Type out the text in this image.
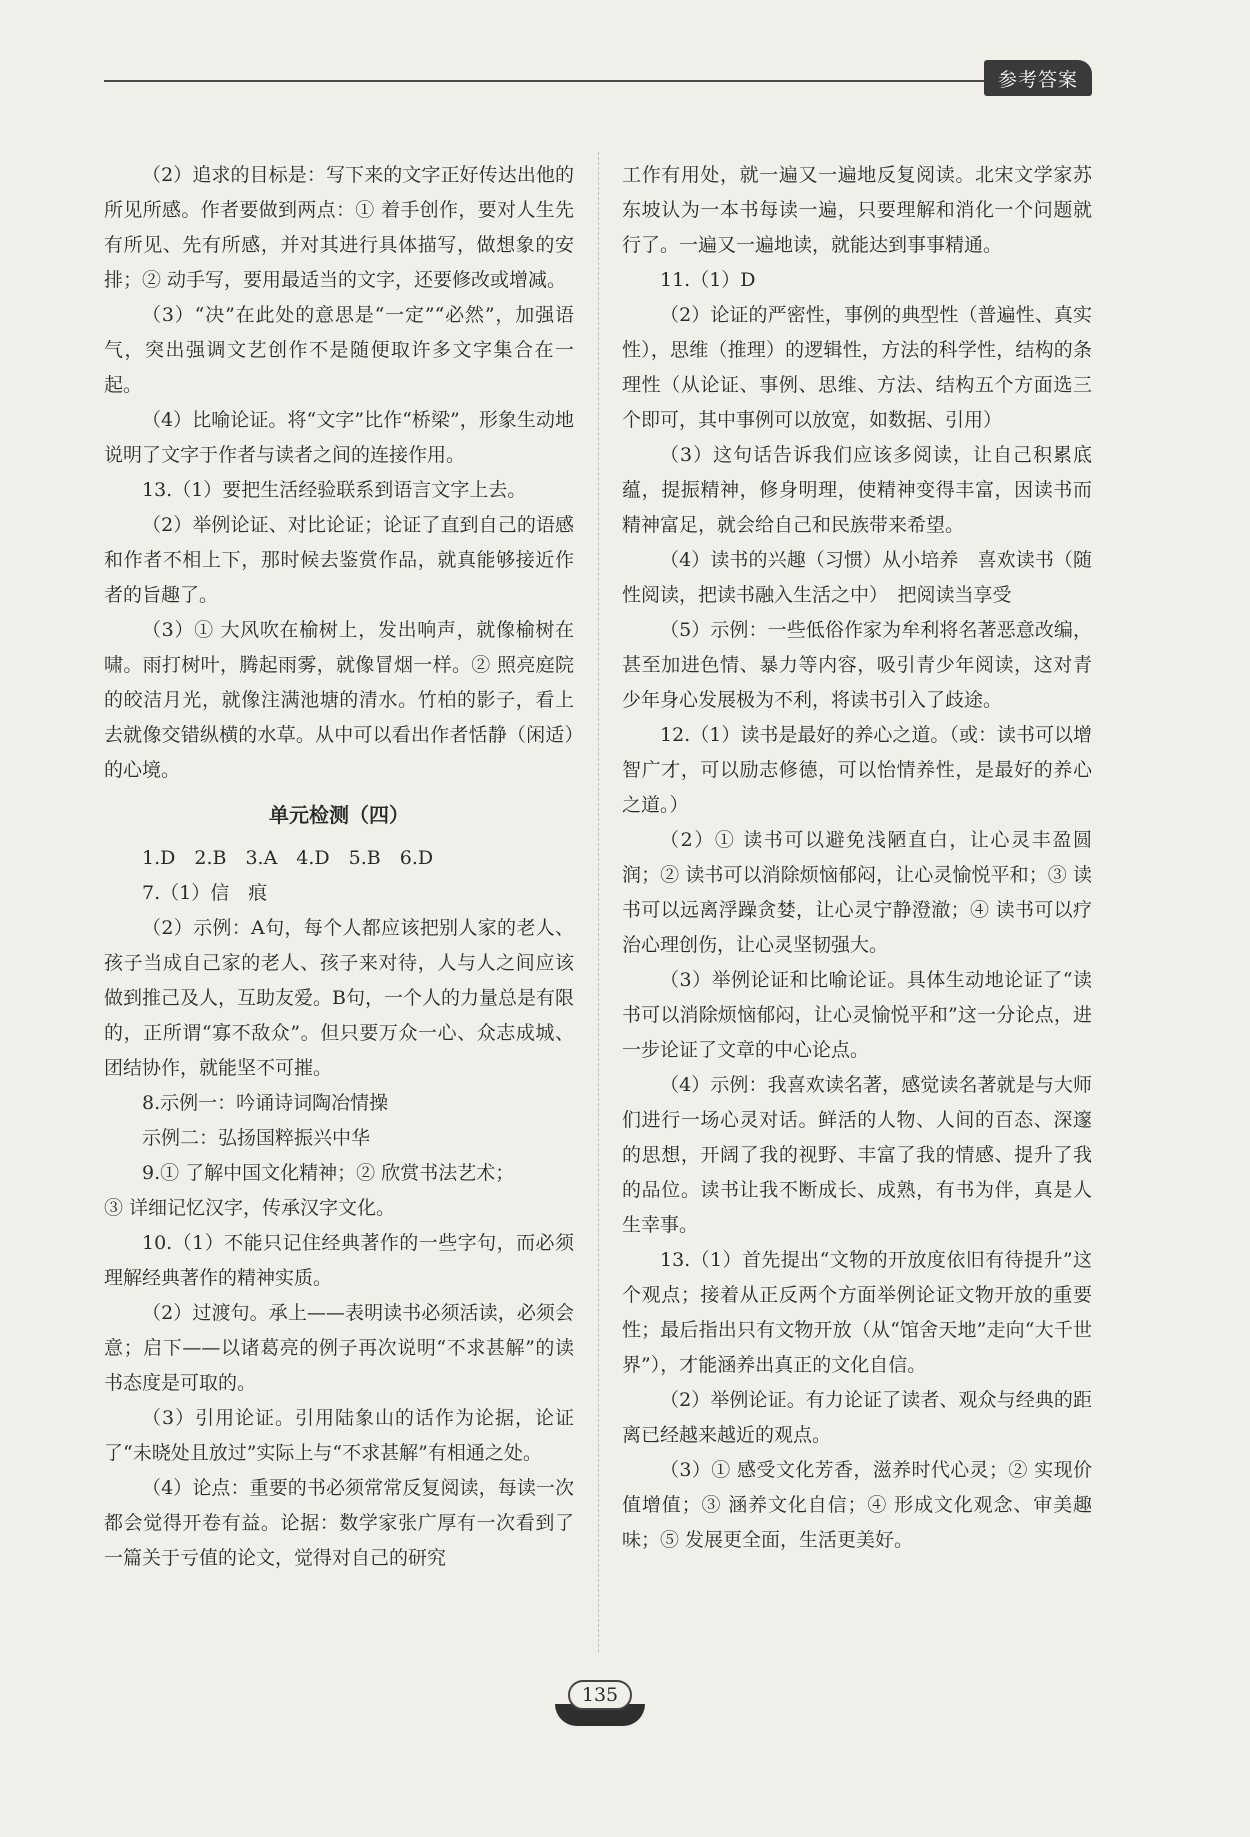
参考答案

（2）追求的目标是：写下来的文字正好传达出他的所见所感。作者要做到两点：① 着手创作，要对人生先有所见、先有所感，并对其进行具体描写，做想象的安排；② 动手写，要用最适当的文字，还要修改或增减。

（3）“决”在此处的意思是“一定”“必然”，加强语气，突出强调文艺创作不是随便取许多文字集合在一起。

（4）比喻论证。将“文字”比作“桥梁”，形象生动地说明了文字于作者与读者之间的连接作用。

13.（1）要把生活经验联系到语言文字上去。

（2）举例论证、对比论证；论证了直到自己的语感和作者不相上下，那时候去鉴赏作品，就真能够接近作者的旨趣了。

（3）① 大风吹在榆树上，发出响声，就像榆树在啸。雨打树叶，腾起雨雾，就像冒烟一样。② 照亮庭院的皎洁月光，就像注满池塘的清水。竹柏的影子，看上去就像交错纵横的水草。从中可以看出作者恬静（闲适）的心境。

单元检测（四）

1.D　2.B　3.A　4.D　5.B　6.D

7.（1）信　痕

（2）示例：A句，每个人都应该把别人家的老人、孩子当成自己家的老人、孩子来对待，人与人之间应该做到推己及人，互助友爱。B句，一个人的力量总是有限的，正所谓“寡不敌众”。但只要万众一心、众志成城、团结协作，就能坚不可摧。

8.示例一：吟诵诗词陶冶情操

示例二：弘扬国粹振兴中华

9.① 了解中国文化精神；② 欣赏书法艺术；

③ 详细记忆汉字，传承汉字文化。

10.（1）不能只记住经典著作的一些字句，而必须理解经典著作的精神实质。

（2）过渡句。承上——表明读书必须活读，必须会意；启下——以诸葛亮的例子再次说明“不求甚解”的读书态度是可取的。

（3）引用论证。引用陆象山的话作为论据，论证了“未晓处且放过”实际上与“不求甚解”有相通之处。

（4）论点：重要的书必须常常反复阅读，每读一次都会觉得开卷有益。论据：数学家张广厚有一次看到了一篇关于亏值的论文，觉得对自己的研究

工作有用处，就一遍又一遍地反复阅读。北宋文学家苏东坡认为一本书每读一遍，只要理解和消化一个问题就行了。一遍又一遍地读，就能达到事事精通。

11.（1）D

（2）论证的严密性，事例的典型性（普遍性、真实性），思维（推理）的逻辑性，方法的科学性，结构的条理性（从论证、事例、思维、方法、结构五个方面选三个即可，其中事例可以放宽，如数据、引用）

（3）这句话告诉我们应该多阅读，让自己积累底蕴，提振精神，修身明理，使精神变得丰富，因读书而精神富足，就会给自己和民族带来希望。

（4）读书的兴趣（习惯）从小培养　喜欢读书（随性阅读，把读书融入生活之中）　把阅读当享受

（5）示例：一些低俗作家为牟利将名著恶意改编，甚至加进色情、暴力等内容，吸引青少年阅读，这对青少年身心发展极为不利，将读书引入了歧途。

12.（1）读书是最好的养心之道。（或：读书可以增智广才，可以励志修德，可以怡情养性，是最好的养心之道。）

（2）① 读书可以避免浅陋直白，让心灵丰盈圆润；② 读书可以消除烦恼郁闷，让心灵愉悦平和；③ 读书可以远离浮躁贪婪，让心灵宁静澄澈；④ 读书可以疗治心理创伤，让心灵坚韧强大。

（3）举例论证和比喻论证。具体生动地论证了“读书可以消除烦恼郁闷，让心灵愉悦平和”这一分论点，进一步论证了文章的中心论点。

（4）示例：我喜欢读名著，感觉读名著就是与大师们进行一场心灵对话。鲜活的人物、人间的百态、深邃的思想，开阔了我的视野、丰富了我的情感、提升了我的品位。读书让我不断成长、成熟，有书为伴，真是人生幸事。

13.（1）首先提出“文物的开放度依旧有待提升”这个观点；接着从正反两个方面举例论证文物开放的重要性；最后指出只有文物开放（从“馆舍天地”走向“大千世界”），才能涵养出真正的文化自信。

（2）举例论证。有力论证了读者、观众与经典的距离已经越来越近的观点。

（3）① 感受文化芳香，滋养时代心灵；② 实现价值增值；③ 涵养文化自信；④ 形成文化观念、审美趣味；⑤ 发展更全面，生活更美好。

135
